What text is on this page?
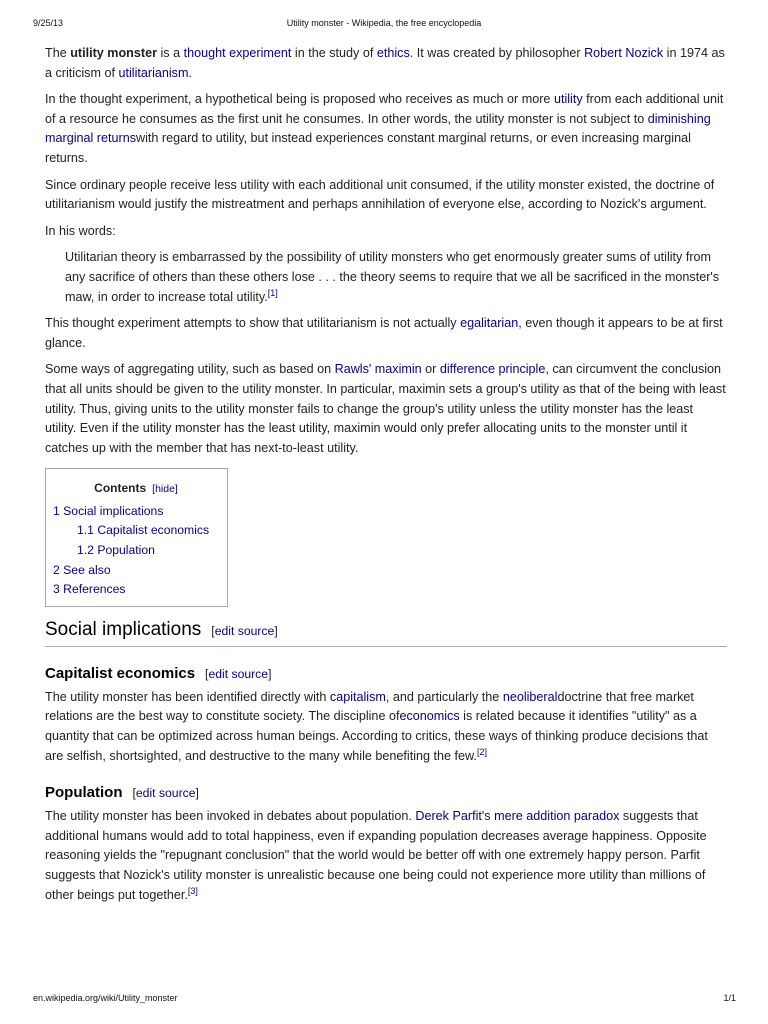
9/25/13	Utility monster - Wikipedia, the free encyclopedia

The utility monster is a thought experiment in the study of ethics. It was created by philosopher Robert Nozick in 1974 as a criticism of utilitarianism.

In the thought experiment, a hypothetical being is proposed who receives as much or more utility from each additional unit of a resource he consumes as the first unit he consumes. In other words, the utility monster is not subject to diminishing marginal returnswith regard to utility, but instead experiences constant marginal returns, or even increasing marginal returns.

Since ordinary people receive less utility with each additional unit consumed, if the utility monster existed, the doctrine of utilitarianism would justify the mistreatment and perhaps annihilation of everyone else, according to Nozick's argument.

In his words:

Utilitarian theory is embarrassed by the possibility of utility monsters who get enormously greater sums of utility from any sacrifice of others than these others lose . . . the theory seems to require that we all be sacrificed in the monster's maw, in order to increase total utility.[1]

This thought experiment attempts to show that utilitarianism is not actually egalitarian, even though it appears to be at first glance.

Some ways of aggregating utility, such as based on Rawls' maximin or difference principle, can circumvent the conclusion that all units should be given to the utility monster. In particular, maximin sets a group's utility as that of the being with least utility. Thus, giving units to the utility monster fails to change the group's utility unless the utility monster has the least utility. Even if the utility monster has the least utility, maximin would only prefer allocating units to the monster until it catches up with the member that has next-to-least utility.

Contents [hide]
1 Social implications
1.1 Capitalist economics
1.2 Population
2 See also
3 References
Social implications [edit source]
Capitalist economics [edit source]

The utility monster has been identified directly with capitalism, and particularly the neoliberaldoctrine that free market relations are the best way to constitute society. The discipline ofeconomics is related because it identifies "utility" as a quantity that can be optimized across human beings. According to critics, these ways of thinking produce decisions that are selfish, shortsighted, and destructive to the many while benefiting the few.[2]

Population [edit source]

The utility monster has been invoked in debates about population. Derek Parfit's mere addition paradox suggests that additional humans would add to total happiness, even if expanding population decreases average happiness. Opposite reasoning yields the "repugnant conclusion" that the world would be better off with one extremely happy person. Parfit suggests that Nozick's utility monster is unrealistic because one being could not experience more utility than millions of other beings put together.[3]

en.wikipedia.org/wiki/Utility_monster	1/1
